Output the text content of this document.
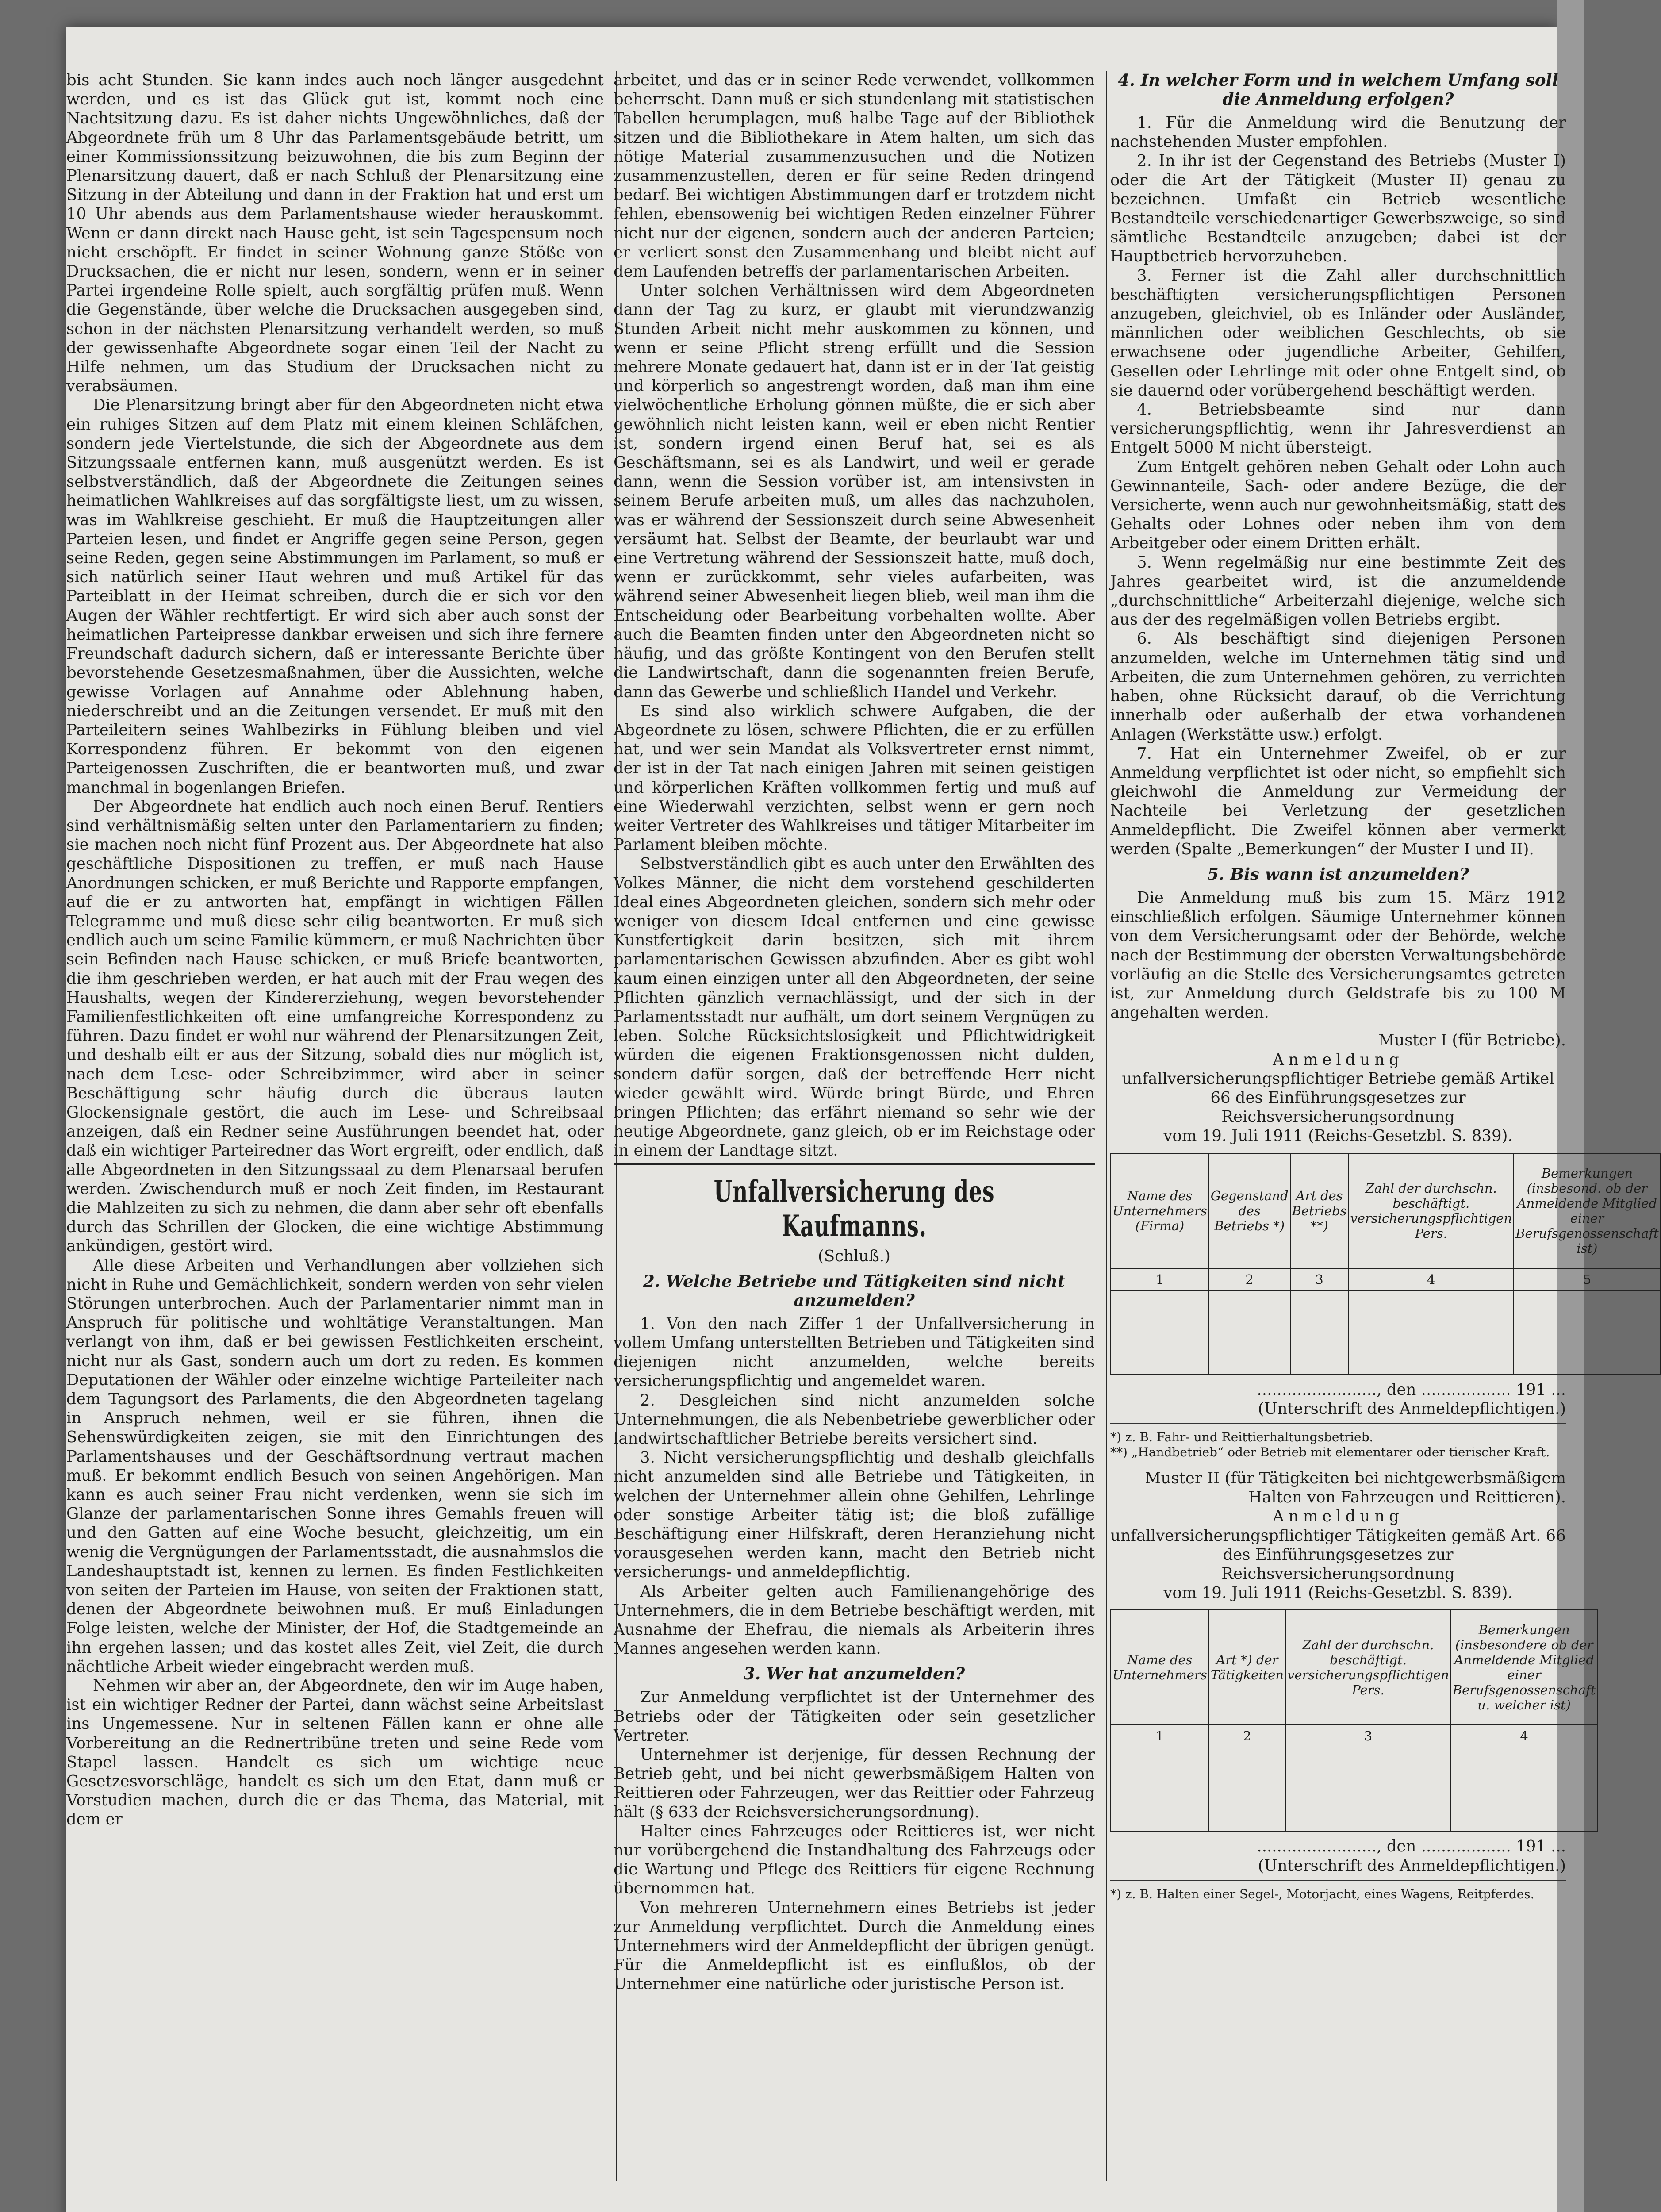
bis acht Stunden. Sie kann indes auch noch länger ausgedehnt werden, und es ist das Glück gut ist, kommt noch eine Nachtsitzung dazu. Es ist daher nichts Ungewöhnliches, daß der Abgeordnete früh um 8 Uhr das Parlamentsgebäude betritt, um einer Kommissionssitzung beizuwohnen, die bis zum Beginn der Plenarsitzung dauert, daß er nach Schluß der Plenarsitzung eine Sitzung in der Abteilung und dann in der Fraktion hat und erst um 10 Uhr abends aus dem Parlamentshause wieder herauskommt. Wenn er dann direkt nach Hause geht, ist sein Tagespensum noch nicht erschöpft. Er findet in seiner Wohnung ganze Stöße von Drucksachen, die er nicht nur lesen, sondern, wenn er in seiner Partei irgendeine Rolle spielt, auch sorgfältig prüfen muß. Wenn die Gegenstände, über welche die Drucksachen ausgegeben sind, schon in der nächsten Plenarsitzung verhandelt werden, so muß der gewissenhafte Abgeordnete sogar einen Teil der Nacht zu Hilfe nehmen, um das Studium der Drucksachen nicht zu verabsäumen.

Die Plenarsitzung bringt aber für den Abgeordneten nicht etwa ein ruhiges Sitzen auf dem Platz mit einem kleinen Schläfchen, sondern jede Viertelstunde, die sich der Abgeordnete aus dem Sitzungssaale entfernen kann, muß ausgenützt werden. Es ist selbstverständlich, daß der Abgeordnete die Zeitungen seines heimatlichen Wahlkreises auf das sorgfältigste liest, um zu wissen, was im Wahlkreise geschieht. Er muß die Hauptzeitungen aller Parteien lesen, und findet er Angriffe gegen seine Person, gegen seine Reden, gegen seine Abstimmungen im Parlament, so muß er sich natürlich seiner Haut wehren und muß Artikel für das Parteiblatt in der Heimat schreiben, durch die er sich vor den Augen der Wähler rechtfertigt. Er wird sich aber auch sonst der heimatlichen Parteipresse dankbar erweisen und sich ihre fernere Freundschaft dadurch sichern, daß er interessante Berichte über bevorstehende Gesetzesmaßnahmen, über die Aussichten, welche gewisse Vorlagen auf Annahme oder Ablehnung haben, niederschreibt und an die Zeitungen versendet. Er muß mit den Parteileitern seines Wahlbezirks in Fühlung bleiben und viel Korrespondenz führen. Er bekommt von den eigenen Parteigenossen Zuschriften, die er beantworten muß, und zwar manchmal in bogenlangen Briefen.

Der Abgeordnete hat endlich auch noch einen Beruf. Rentiers sind verhältnismäßig selten unter den Parlamentariern zu finden; sie machen noch nicht fünf Prozent aus. Der Abgeordnete hat also geschäftliche Dispositionen zu treffen, er muß nach Hause Anordnungen schicken, er muß Berichte und Rapporte empfangen, auf die er zu antworten hat, empfängt in wichtigen Fällen Telegramme und muß diese sehr eilig beantworten. Er muß sich endlich auch um seine Familie kümmern, er muß Nachrichten über sein Befinden nach Hause schicken, er muß Briefe beantworten, die ihm geschrieben werden, er hat auch mit der Frau wegen des Haushalts, wegen der Kindererziehung, wegen bevorstehender Familienfestlichkeiten oft eine umfangreiche Korrespondenz zu führen. Dazu findet er wohl nur während der Plenarsitzungen Zeit, und deshalb eilt er aus der Sitzung, sobald dies nur möglich ist, nach dem Lese- oder Schreibzimmer, wird aber in seiner Beschäftigung sehr häufig durch die überaus lauten Glockensignale gestört, die auch im Lese- und Schreibsaal anzeigen, daß ein Redner seine Ausführungen beendet hat, oder daß ein wichtiger Parteiredner das Wort ergreift, oder endlich, daß alle Abgeordneten in den Sitzungssaal zu dem Plenarsaal berufen werden. Zwischendurch muß er noch Zeit finden, im Restaurant die Mahlzeiten zu sich zu nehmen, die dann aber sehr oft ebenfalls durch das Schrillen der Glocken, die eine wichtige Abstimmung ankündigen, gestört wird.

Alle diese Arbeiten und Verhandlungen aber vollziehen sich nicht in Ruhe und Gemächlichkeit, sondern werden von sehr vielen Störungen unterbrochen. Auch der Parlamentarier nimmt man in Anspruch für politische und wohltätige Veranstaltungen. Man verlangt von ihm, daß er bei gewissen Festlichkeiten erscheint, nicht nur als Gast, sondern auch um dort zu reden. Es kommen Deputationen der Wähler oder einzelne wichtige Parteileiter nach dem Tagungsort des Parlaments, die den Abgeordneten tagelang in Anspruch nehmen, weil er sie führen, ihnen die Sehenswürdigkeiten zeigen, sie mit den Einrichtungen des Parlamentshauses und der Geschäftsordnung vertraut machen muß. Er bekommt endlich Besuch von seinen Angehörigen. Man kann es auch seiner Frau nicht verdenken, wenn sie sich im Glanze der parlamentarischen Sonne ihres Gemahls freuen will und den Gatten auf eine Woche besucht, gleichzeitig, um ein wenig die Vergnügungen der Parlamentsstadt, die ausnahmslos die Landeshauptstadt ist, kennen zu lernen. Es finden Festlichkeiten von seiten der Parteien im Hause, von seiten der Fraktionen statt, denen der Abgeordnete beiwohnen muß. Er muß Einladungen Folge leisten, welche der Minister, der Hof, die Stadtgemeinde an ihn ergehen lassen; und das kostet alles Zeit, viel Zeit, die durch nächtliche Arbeit wieder eingebracht werden muß.

Nehmen wir aber an, der Abgeordnete, den wir im Auge haben, ist ein wichtiger Redner der Partei, dann wächst seine Arbeitslast ins Ungemessene. Nur in seltenen Fällen kann er ohne alle Vorbereitung an die Rednertribüne treten und seine Rede vom Stapel lassen. Handelt es sich um wichtige neue Gesetzesvorschläge, handelt es sich um den Etat, dann muß er Vorstudien machen, durch die er das Thema, das Material, mit dem er

arbeitet, und das er in seiner Rede verwendet, vollkommen beherrscht. Dann muß er sich stundenlang mit statistischen Tabellen herumplagen, muß halbe Tage auf der Bibliothek sitzen und die Bibliothekare in Atem halten, um sich das nötige Material zusammenzusuchen und die Notizen zusammenzustellen, deren er für seine Reden dringend bedarf. Bei wichtigen Abstimmungen darf er trotzdem nicht fehlen, ebensowenig bei wichtigen Reden einzelner Führer nicht nur der eigenen, sondern auch der anderen Parteien; er verliert sonst den Zusammenhang und bleibt nicht auf dem Laufenden betreffs der parlamentarischen Arbeiten.

Unter solchen Verhältnissen wird dem Abgeordneten dann der Tag zu kurz, er glaubt mit vierundzwanzig Stunden Arbeit nicht mehr auskommen zu können, und wenn er seine Pflicht streng erfüllt und die Session mehrere Monate gedauert hat, dann ist er in der Tat geistig und körperlich so angestrengt worden, daß man ihm eine vielwöchentliche Erholung gönnen müßte, die er sich aber gewöhnlich nicht leisten kann, weil er eben nicht Rentier ist, sondern irgend einen Beruf hat, sei es als Geschäftsmann, sei es als Landwirt, und weil er gerade dann, wenn die Session vorüber ist, am intensivsten in seinem Berufe arbeiten muß, um alles das nachzuholen, was er während der Sessionszeit durch seine Abwesenheit versäumt hat. Selbst der Beamte, der beurlaubt war und eine Vertretung während der Sessionszeit hatte, muß doch, wenn er zurückkommt, sehr vieles aufarbeiten, was während seiner Abwesenheit liegen blieb, weil man ihm die Entscheidung oder Bearbeitung vorbehalten wollte. Aber auch die Beamten finden unter den Abgeordneten nicht so häufig, und das größte Kontingent von den Berufen stellt die Landwirtschaft, dann die sogenannten freien Berufe, dann das Gewerbe und schließlich Handel und Verkehr.

Es sind also wirklich schwere Aufgaben, die der Abgeordnete zu lösen, schwere Pflichten, die er zu erfüllen hat, und wer sein Mandat als Volksvertreter ernst nimmt, der ist in der Tat nach einigen Jahren mit seinen geistigen und körperlichen Kräften vollkommen fertig und muß auf eine Wiederwahl verzichten, selbst wenn er gern noch weiter Vertreter des Wahlkreises und tätiger Mitarbeiter im Parlament bleiben möchte.

Selbstverständlich gibt es auch unter den Erwählten des Volkes Männer, die nicht dem vorstehend geschilderten Ideal eines Abgeordneten gleichen, sondern sich mehr oder weniger von diesem Ideal entfernen und eine gewisse Kunstfertigkeit darin besitzen, sich mit ihrem parlamentarischen Gewissen abzufinden. Aber es gibt wohl kaum einen einzigen unter all den Abgeordneten, der seine Pflichten gänzlich vernachlässigt, und der sich in der Parlamentsstadt nur aufhält, um dort seinem Vergnügen zu leben. Solche Rücksichtslosigkeit und Pflichtwidrigkeit würden die eigenen Fraktionsgenossen nicht dulden, sondern dafür sorgen, daß der betreffende Herr nicht wieder gewählt wird. Würde bringt Bürde, und Ehren bringen Pflichten; das erfährt niemand so sehr wie der heutige Abgeordnete, ganz gleich, ob er im Reichstage oder in einem der Landtage sitzt.

Unfallversicherung des Kaufmanns.

(Schluß.)

2. Welche Betriebe und Tätigkeiten sind nicht anzumelden?

1. Von den nach Ziffer 1 der Unfallversicherung in vollem Umfang unterstellten Betrieben und Tätigkeiten sind diejenigen nicht anzumelden, welche bereits versicherungspflichtig und angemeldet waren.

2. Desgleichen sind nicht anzumelden solche Unternehmungen, die als Nebenbetriebe gewerblicher oder landwirtschaftlicher Betriebe bereits versichert sind.

3. Nicht versicherungspflichtig und deshalb gleichfalls nicht anzumelden sind alle Betriebe und Tätigkeiten, in welchen der Unternehmer allein ohne Gehilfen, Lehrlinge oder sonstige Arbeiter tätig ist; die bloß zufällige Beschäftigung einer Hilfskraft, deren Heranziehung nicht vorausgesehen werden kann, macht den Betrieb nicht versicherungs- und anmeldepflichtig.

Als Arbeiter gelten auch Familienangehörige des Unternehmers, die in dem Betriebe beschäftigt werden, mit Ausnahme der Ehefrau, die niemals als Arbeiterin ihres Mannes angesehen werden kann.

3. Wer hat anzumelden?

Zur Anmeldung verpflichtet ist der Unternehmer des Betriebs oder der Tätigkeiten oder sein gesetzlicher Vertreter.

Unternehmer ist derjenige, für dessen Rechnung der Betrieb geht, und bei nicht gewerbsmäßigem Halten von Reittieren oder Fahrzeugen, wer das Reittier oder Fahrzeug hält (§ 633 der Reichsversicherungsordnung).

Halter eines Fahrzeuges oder Reittieres ist, wer nicht nur vorübergehend die Instandhaltung des Fahrzeugs oder die Wartung und Pflege des Reittiers für eigene Rechnung übernommen hat.

Von mehreren Unternehmern eines Betriebs ist jeder zur Anmeldung verpflichtet. Durch die Anmeldung eines Unternehmers wird der Anmeldepflicht der übrigen genügt. Für die Anmeldepflicht ist es einflußlos, ob der Unternehmer eine natürliche oder juristische Person ist.

4. In welcher Form und in welchem Umfang soll die Anmeldung erfolgen?

1. Für die Anmeldung wird die Benutzung der nachstehenden Muster empfohlen.

2. In ihr ist der Gegenstand des Betriebs (Muster I) oder die Art der Tätigkeit (Muster II) genau zu bezeichnen. Umfaßt ein Betrieb wesentliche Bestandteile verschiedenartiger Gewerbszweige, so sind sämtliche Bestandteile anzugeben; dabei ist der Hauptbetrieb hervorzuheben.

3. Ferner ist die Zahl aller durchschnittlich beschäftigten versicherungspflichtigen Personen anzugeben, gleichviel, ob es Inländer oder Ausländer, männlichen oder weiblichen Geschlechts, ob sie erwachsene oder jugendliche Arbeiter, Gehilfen, Gesellen oder Lehrlinge mit oder ohne Entgelt sind, ob sie dauernd oder vorübergehend beschäftigt werden.

4. Betriebsbeamte sind nur dann versicherungspflichtig, wenn ihr Jahresverdienst an Entgelt 5000 M nicht übersteigt.

Zum Entgelt gehören neben Gehalt oder Lohn auch Gewinnanteile, Sach- oder andere Bezüge, die der Versicherte, wenn auch nur gewohnheitsmäßig, statt des Gehalts oder Lohnes oder neben ihm von dem Arbeitgeber oder einem Dritten erhält.

5. Wenn regelmäßig nur eine bestimmte Zeit des Jahres gearbeitet wird, ist die anzumeldende „durchschnittliche“ Arbeiterzahl diejenige, welche sich aus der des regelmäßigen vollen Betriebs ergibt.

6. Als beschäftigt sind diejenigen Personen anzumelden, welche im Unternehmen tätig sind und Arbeiten, die zum Unternehmen gehören, zu verrichten haben, ohne Rücksicht darauf, ob die Verrichtung innerhalb oder außerhalb der etwa vorhandenen Anlagen (Werkstätte usw.) erfolgt.

7. Hat ein Unternehmer Zweifel, ob er zur Anmeldung verpflichtet ist oder nicht, so empfiehlt sich gleichwohl die Anmeldung zur Vermeidung der Nachteile bei Verletzung der gesetzlichen Anmeldepflicht. Die Zweifel können aber vermerkt werden (Spalte „Bemerkungen“ der Muster I und II).

5. Bis wann ist anzumelden?

Die Anmeldung muß bis zum 15. März 1912 einschließlich erfolgen. Säumige Unternehmer können von dem Versicherungsamt oder der Behörde, welche nach der Bestimmung der obersten Verwaltungsbehörde vorläufig an die Stelle des Versicherungsamtes getreten ist, zur Anmeldung durch Geldstrafe bis zu 100 M angehalten werden.

Muster I (für Betriebe).

Anmeldung

unfallversicherungspflichtiger Betriebe gemäß Artikel 66 des Einführungsgesetzes zur Reichsversicherungsordnung

vom 19. Juli 1911 (Reichs-Gesetzbl. S. 839).

Name des Unternehmers (Firma)	Gegenstand des Betriebs *)	Art des Betriebs **)	Zahl der durchschn. beschäftigt. versicherungspflichtigen Pers.	Bemerkungen (insbesond. ob der Anmeldende Mitglied einer Berufsgenossenschaft ist)
1	2	3	4	5

........................, den .................. 191 ...

(Unterschrift des Anmeldepflichtigen.)

*) z. B. Fahr- und Reittierhaltungsbetrieb.

**) „Handbetrieb“ oder Betrieb mit elementarer oder tierischer Kraft.

Muster II (für Tätigkeiten bei nichtgewerbsmäßigem Halten von Fahrzeugen und Reittieren).

Anmeldung

unfallversicherungspflichtiger Tätigkeiten gemäß Art. 66 des Einführungsgesetzes zur Reichsversicherungsordnung

vom 19. Juli 1911 (Reichs-Gesetzbl. S. 839).

Name des Unternehmers	Art *) der Tätigkeiten	Zahl der durchschn. beschäftigt. versicherungspflichtigen Pers.	Bemerkungen (insbesondere ob der Anmeldende Mitglied einer Berufsgenossenschaft u. welcher ist)
1	2	3	4

........................, den .................. 191 ...

(Unterschrift des Anmeldepflichtigen.)

*) z. B. Halten einer Segel-, Motorjacht, eines Wagens, Reitpferdes.
